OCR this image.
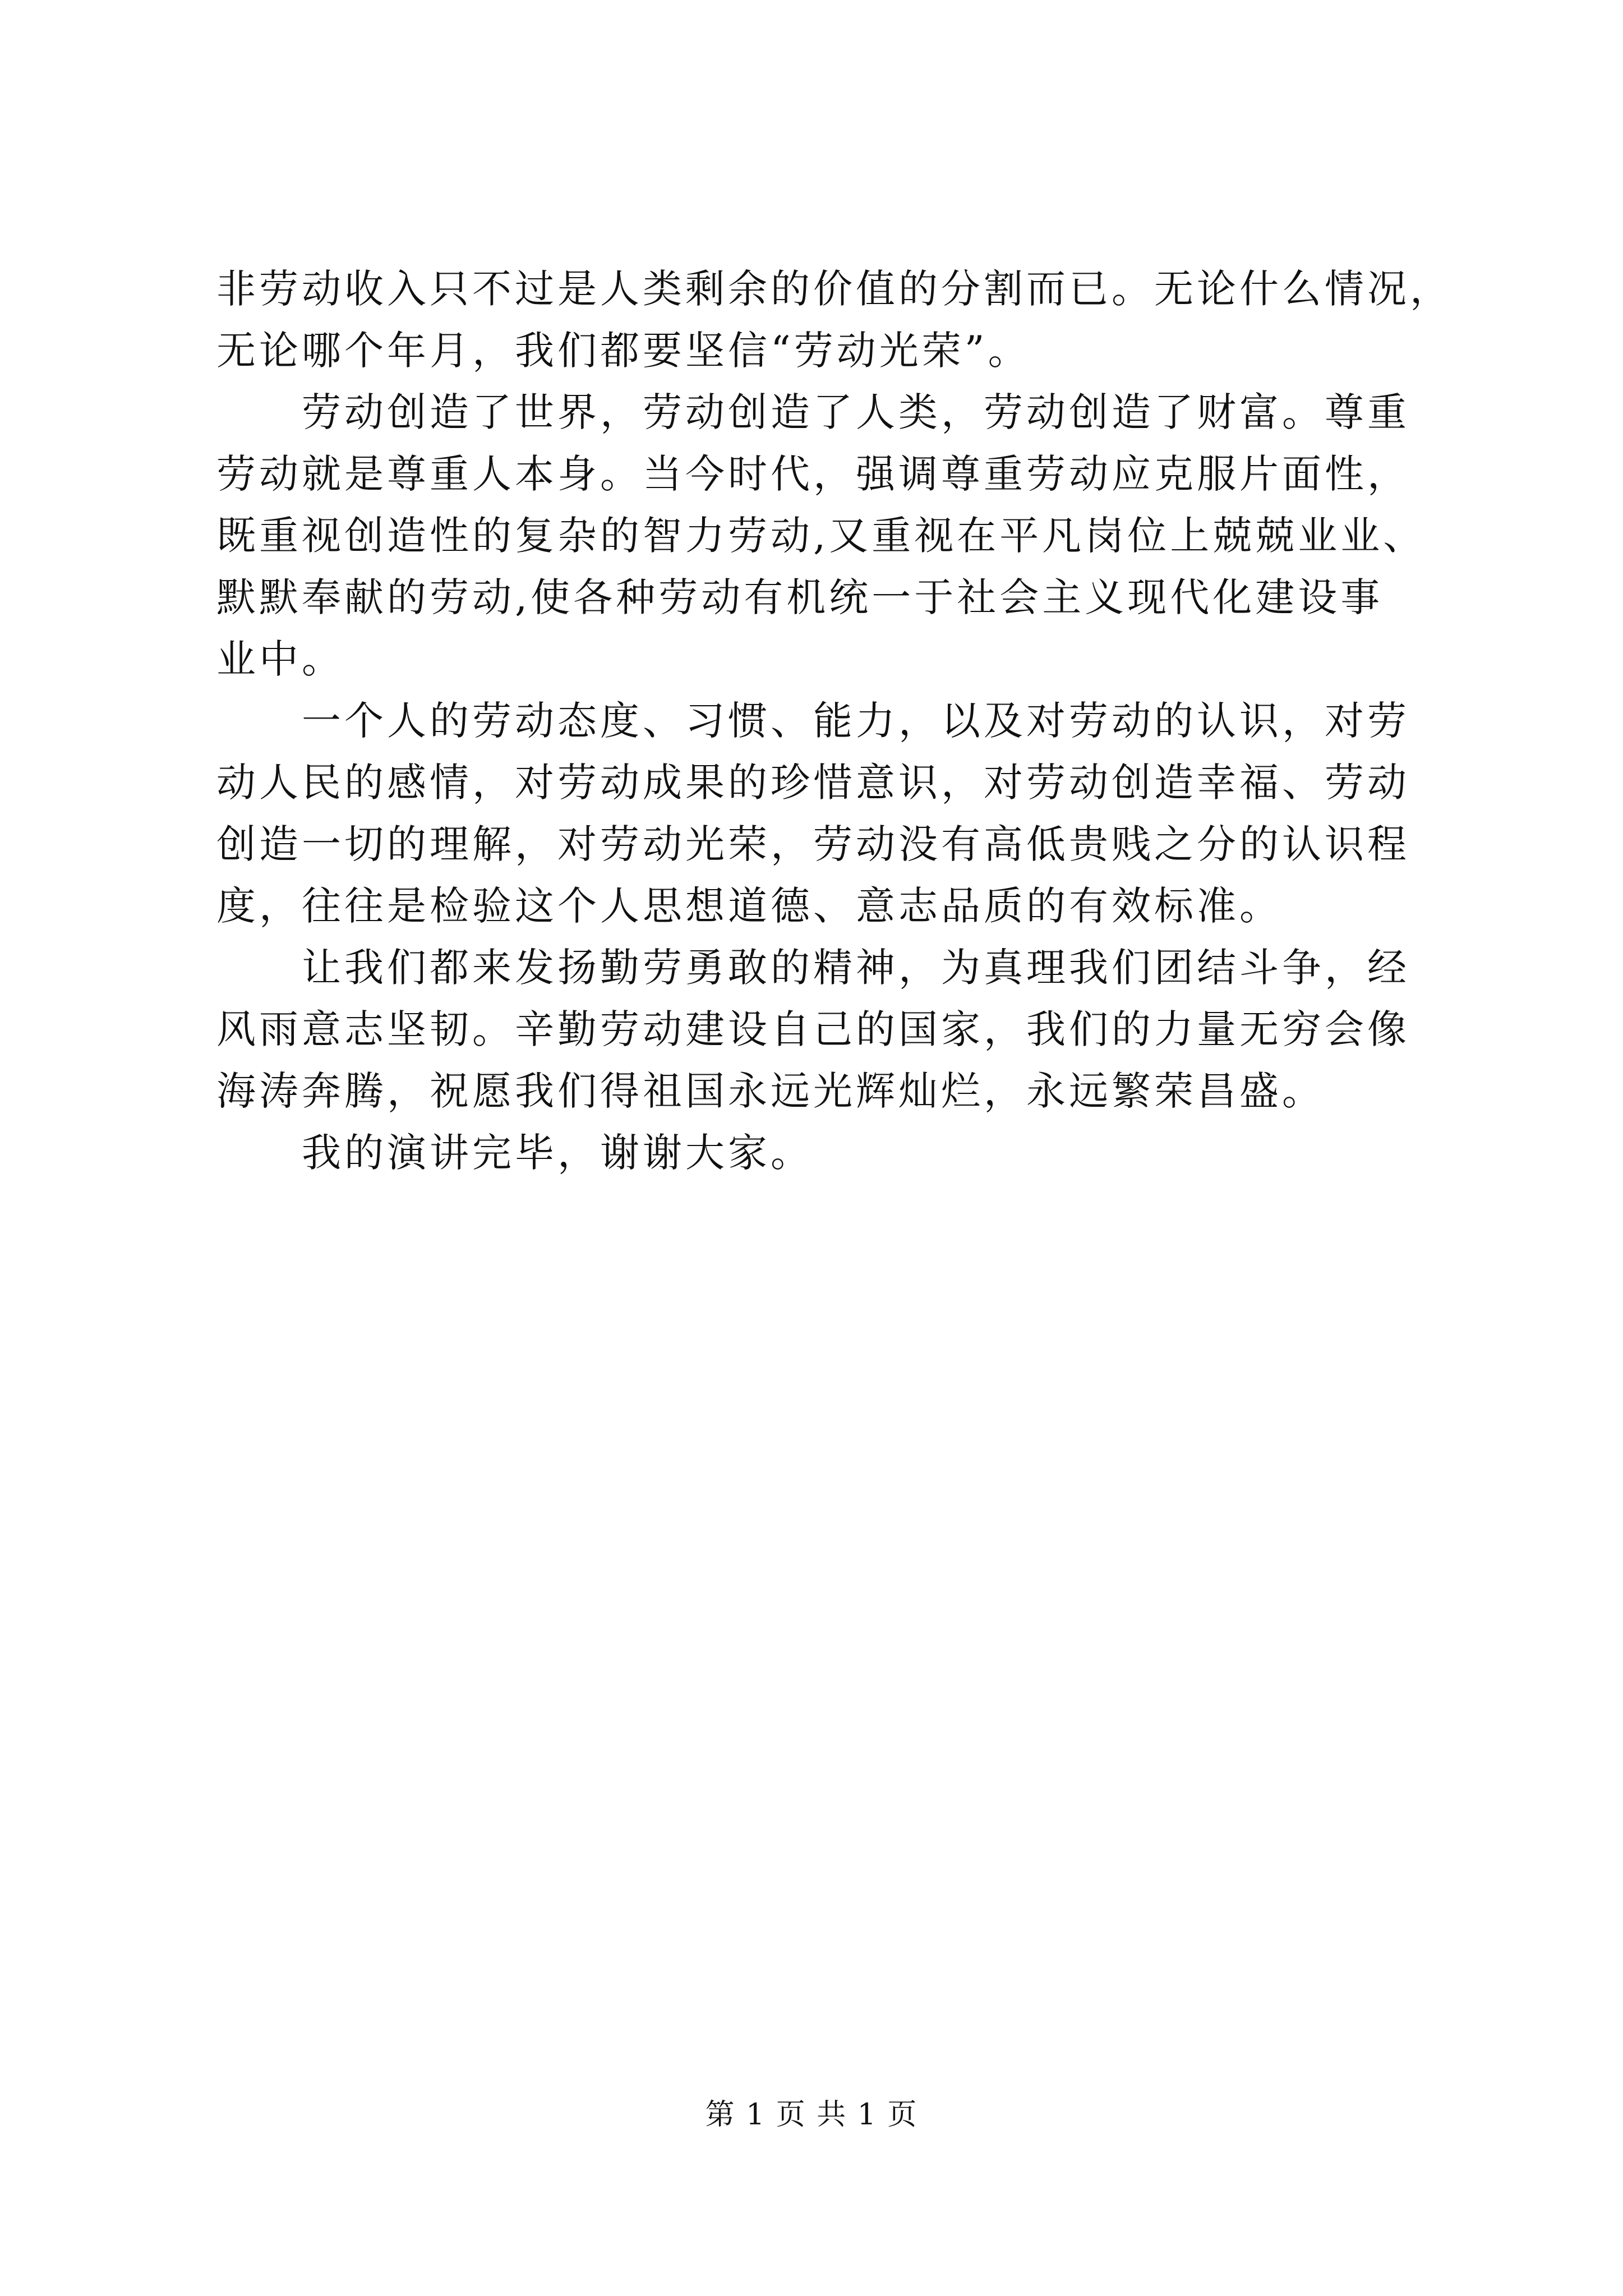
非劳动收入只不过是人类剩余的价值的分割而已。无论什么情况，
无论哪个年月，我们都要坚信“劳动光荣”。
　　劳动创造了世界，劳动创造了人类，劳动创造了财富。尊重
劳动就是尊重人本身。当今时代，强调尊重劳动应克服片面性，
既重视创造性的复杂的智力劳动,又重视在平凡岗位上兢兢业业、
默默奉献的劳动,使各种劳动有机统一于社会主义现代化建设事
业中。
　　一个人的劳动态度、习惯、能力，以及对劳动的认识，对劳
动人民的感情，对劳动成果的珍惜意识，对劳动创造幸福、劳动
创造一切的理解，对劳动光荣，劳动没有高低贵贱之分的认识程
度，往往是检验这个人思想道德、意志品质的有效标准。
　　让我们都来发扬勤劳勇敢的精神，为真理我们团结斗争，经
风雨意志坚韧。辛勤劳动建设自己的国家，我们的力量无穷会像
海涛奔腾，祝愿我们得祖国永远光辉灿烂，永远繁荣昌盛。
　　我的演讲完毕，谢谢大家。
第 1 页 共 1 页
